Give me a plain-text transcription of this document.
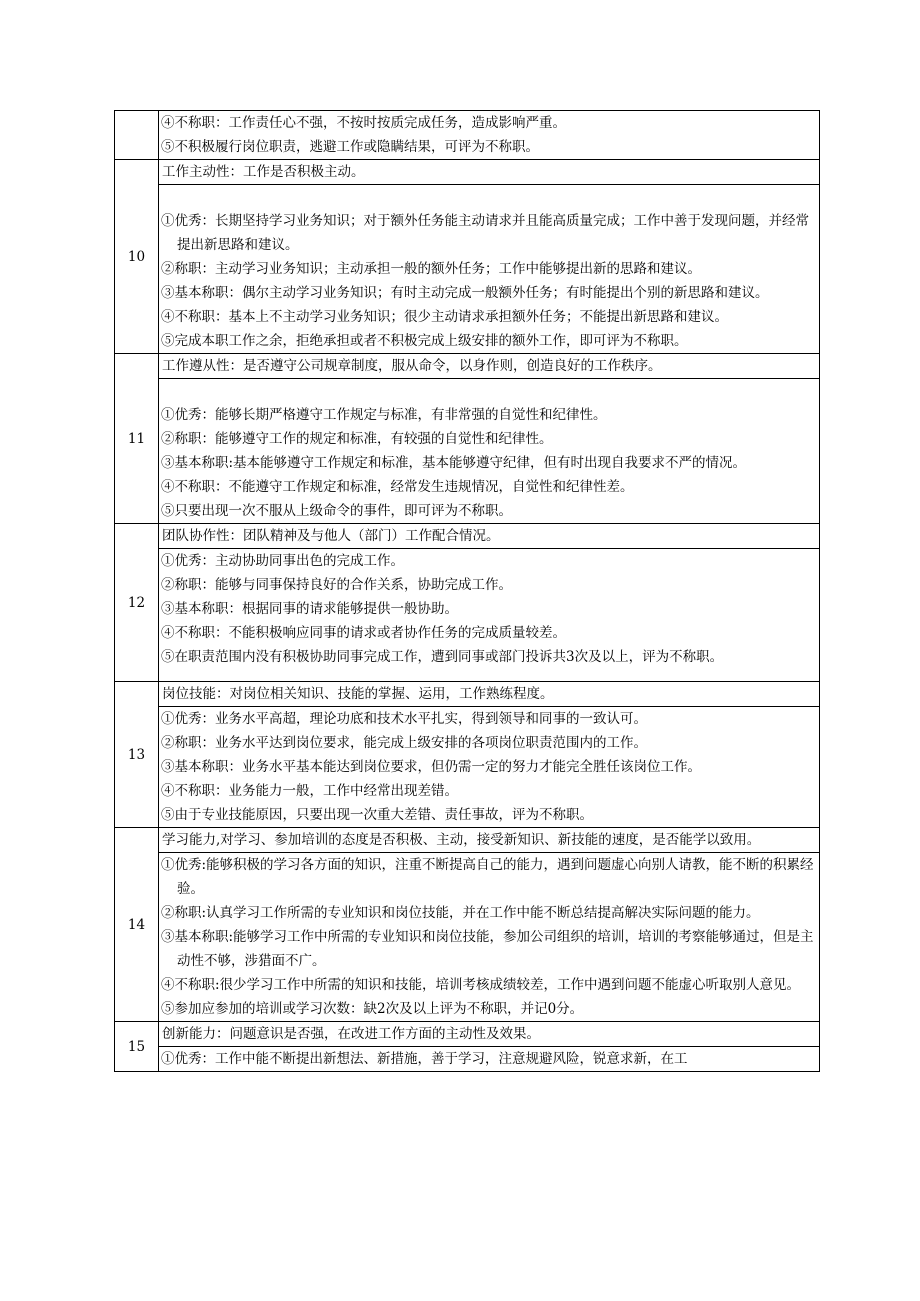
	④不称职：工作责任心不强，不按时按质完成任务，造成影响严重。
⑤不积极履行岗位职责，逃避工作或隐瞒结果，可评为不称职。

10	工作主动性：工作是否积极主动。

	①优秀：长期坚持学习业务知识；对于额外任务能主动请求并且能高质量完成；工作中善于发现问题，并经常提出新思路和建议。
②称职：主动学习业务知识；主动承担一般的额外任务；工作中能够提出新的思路和建议。
③基本称职：偶尔主动学习业务知识；有时主动完成一般额外任务；有时能提出个别的新思路和建议。
④不称职：基本上不主动学习业务知识；很少主动请求承担额外任务；不能提出新思路和建议。
⑤完成本职工作之余，拒绝承担或者不积极完成上级安排的额外工作，即可评为不称职。

11	工作遵从性：是否遵守公司规章制度，服从命令，以身作则，创造良好的工作秩序。

	①优秀：能够长期严格遵守工作规定与标准，有非常强的自觉性和纪律性。
②称职：能够遵守工作的规定和标准，有较强的自觉性和纪律性。
③基本称职:基本能够遵守工作规定和标准，基本能够遵守纪律，但有时出现自我要求不严的情况。
④不称职：不能遵守工作规定和标准，经常发生违规情况，自觉性和纪律性差。
⑤只要出现一次不服从上级命令的事件，即可评为不称职。

12	团队协作性：团队精神及与他人（部门）工作配合情况。

	①优秀：主动协助同事出色的完成工作。
②称职：能够与同事保持良好的合作关系，协助完成工作。
③基本称职：根据同事的请求能够提供一般协助。
④不称职：不能积极响应同事的请求或者协作任务的完成质量较差。
⑤在职责范围内没有积极协助同事完成工作，遭到同事或部门投诉共3次及以上，评为不称职。

13	岗位技能：对岗位相关知识、技能的掌握、运用，工作熟练程度。

	①优秀：业务水平高超，理论功底和技术水平扎实，得到领导和同事的一致认可。
②称职：业务水平达到岗位要求，能完成上级安排的各项岗位职责范围内的工作。
③基本称职：业务水平基本能达到岗位要求，但仍需一定的努力才能完全胜任该岗位工作。
④不称职：业务能力一般，工作中经常出现差错。
⑤由于专业技能原因，只要出现一次重大差错、责任事故，评为不称职。

14	学习能力,对学习、参加培训的态度是否积极、主动，接受新知识、新技能的速度，是否能学以致用。

	①优秀:能够积极的学习各方面的知识，注重不断提高自己的能力，遇到问题虚心向别人请教，能不断的积累经验。
②称职:认真学习工作所需的专业知识和岗位技能，并在工作中能不断总结提高解决实际问题的能力。
③基本称职:能够学习工作中所需的专业知识和岗位技能，参加公司组织的培训，培训的考察能够通过，但是主动性不够，涉猎面不广。
④不称职:很少学习工作中所需的知识和技能，培训考核成绩较差，工作中遇到问题不能虚心听取别人意见。
⑤参加应参加的培训或学习次数：缺2次及以上评为不称职，并记0分。

15	创新能力：问题意识是否强，在改进工作方面的主动性及效果。

	①优秀：工作中能不断提出新想法、新措施，善于学习，注意规避风险，锐意求新，在工
